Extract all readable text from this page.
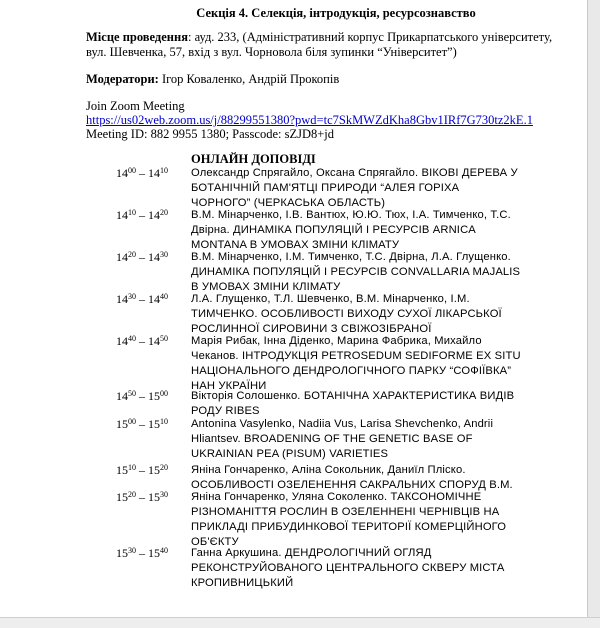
Секція 4. Селекція, інтродукція, ресурсознавство
Місце проведення: ауд. 233, (Адміністративний корпус Прикарпатського університету, вул. Шевченка, 57, вхід з вул. Чорновола біля зупинки “Університет”)
Модератори: Ігор Коваленко, Андрій Прокопів
Join Zoom Meeting
https://us02web.zoom.us/j/88299551380?pwd=tc7SkMWZdKha8Gbv1IRf7G730tz2kE.1
Meeting ID: 882 9955 1380; Passcode: sZJD8+jd
ОНЛАЙН ДОПОВІДІ
$14^{00} - 14^{10}$	Олександр Спрягайло, Оксана Спрягайло. ВІКОВІ ДЕРЕВА У БОТАНІЧНІЙ ПАМ'ЯТЦІ ПРИРОДИ “АЛЕЯ ГОРІХА ЧОРНОГО” (ЧЕРКАСЬКА ОБЛАСТЬ)
$14^{10} - 14^{20}$	В.М. Мінарченко, І.В. Вантюх, Ю.Ю. Тюх, І.А. Тимченко, Т.С. Двірна. ДИНАМІКА ПОПУЛЯЦІЙ І РЕСУРСІВ ARNICA MONTANA В УМОВАХ ЗМІНИ КЛІМАТУ
$14^{20} - 14^{30}$	В.М. Мінарченко, І.М. Тимченко, Т.С. Двірна, Л.А. Глущенко. ДИНАМІКА ПОПУЛЯЦІЙ І РЕСУРСІВ CONVALLARIA MAJALIS В УМОВАХ ЗМІНИ КЛІМАТУ
$14^{30} - 14^{40}$	Л.А. Глущенко, Т.Л. Шевченко, В.М. Мінарченко, І.М. ТИМЧЕНКО. ОСОБЛИВОСТІ ВИХОДУ СУХОЇ ЛІКАРСЬКОЇ РОСЛИННОЇ СИРОВИНИ З СВІЖОЗІБРАНОЇ
$14^{40} - 14^{50}$	Марія Рибак, Інна Діденко, Марина Фабрика, Михайло Чеканов. ІНТРОДУКЦІЯ PETROSEDUM SEDIFORME EX SITU НАЦІОНАЛЬНОГО ДЕНДРОЛОГІЧНОГО ПАРКУ “СОФІЇВКА” НАН УКРАЇНИ
$14^{50} - 15^{00}$	Вікторія Солошенко. БОТАНІЧНА ХАРАКТЕРИСТИКА ВИДІВ РОДУ RIBES
$15^{00} - 15^{10}$	Antonina Vasylenko, Nadiia Vus, Larisa Shevchenko, Andrii Hliantsev. BROADENING OF THE GENETIC BASE OF UKRAINIAN PEA (PISUM) VARIETIES
$15^{10} - 15^{20}$	Яніна Гончаренко, Аліна Сокольник, Даниїл Пліско. ОСОБЛИВОСТІ ОЗЕЛЕНЕННЯ САКРАЛЬНИХ СПОРУД В.М.
$15^{20} - 15^{30}$	Яніна Гончаренко, Уляна Соколенко. ТАКСОНОМІЧНЕ РІЗНОМАНІТТЯ РОСЛИН В ОЗЕЛЕННЕНІ ЧЕРНІВЦІВ НА ПРИКЛАДІ ПРИБУДИНКОВОЇ ТЕРИТОРІЇ КОМЕРЦІЙНОГО ОБ'ЄКТУ
$15^{30} - 15^{40}$	Ганна Аркушина. ДЕНДРОЛОГІЧНИЙ ОГЛЯД РЕКОНСТРУЙОВАНОГО ЦЕНТРАЛЬНОГО СКВЕРУ МІСТА КРОПИВНИЦЬКИЙ
